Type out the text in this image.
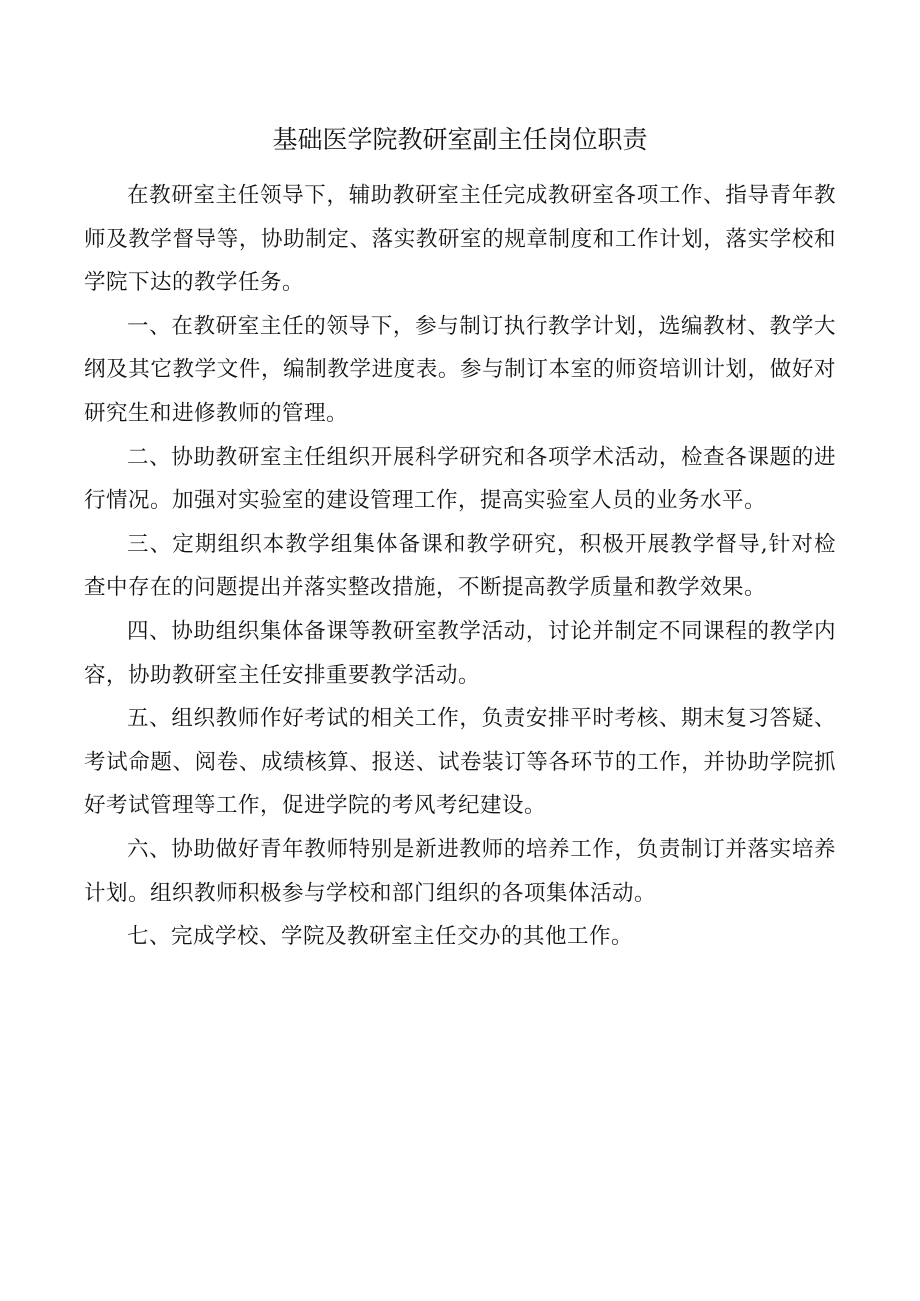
基础医学院教研室副主任岗位职责

在教研室主任领导下，辅助教研室主任完成教研室各项工作、指导青年教师及教学督导等，协助制定、落实教研室的规章制度和工作计划，落实学校和学院下达的教学任务。

一、在教研室主任的领导下，参与制订执行教学计划，选编教材、教学大纲及其它教学文件，编制教学进度表。参与制订本室的师资培训计划，做好对研究生和进修教师的管理。

二、协助教研室主任组织开展科学研究和各项学术活动，检查各课题的进行情况。加强对实验室的建设管理工作，提高实验室人员的业务水平。

三、定期组织本教学组集体备课和教学研究，积极开展教学督导,针对检查中存在的问题提出并落实整改措施，不断提高教学质量和教学效果。

四、协助组织集体备课等教研室教学活动，讨论并制定不同课程的教学内容，协助教研室主任安排重要教学活动。

五、组织教师作好考试的相关工作，负责安排平时考核、期末复习答疑、考试命题、阅卷、成绩核算、报送、试卷装订等各环节的工作，并协助学院抓好考试管理等工作，促进学院的考风考纪建设。

六、协助做好青年教师特别是新进教师的培养工作，负责制订并落实培养计划。组织教师积极参与学校和部门组织的各项集体活动。

七、完成学校、学院及教研室主任交办的其他工作。
